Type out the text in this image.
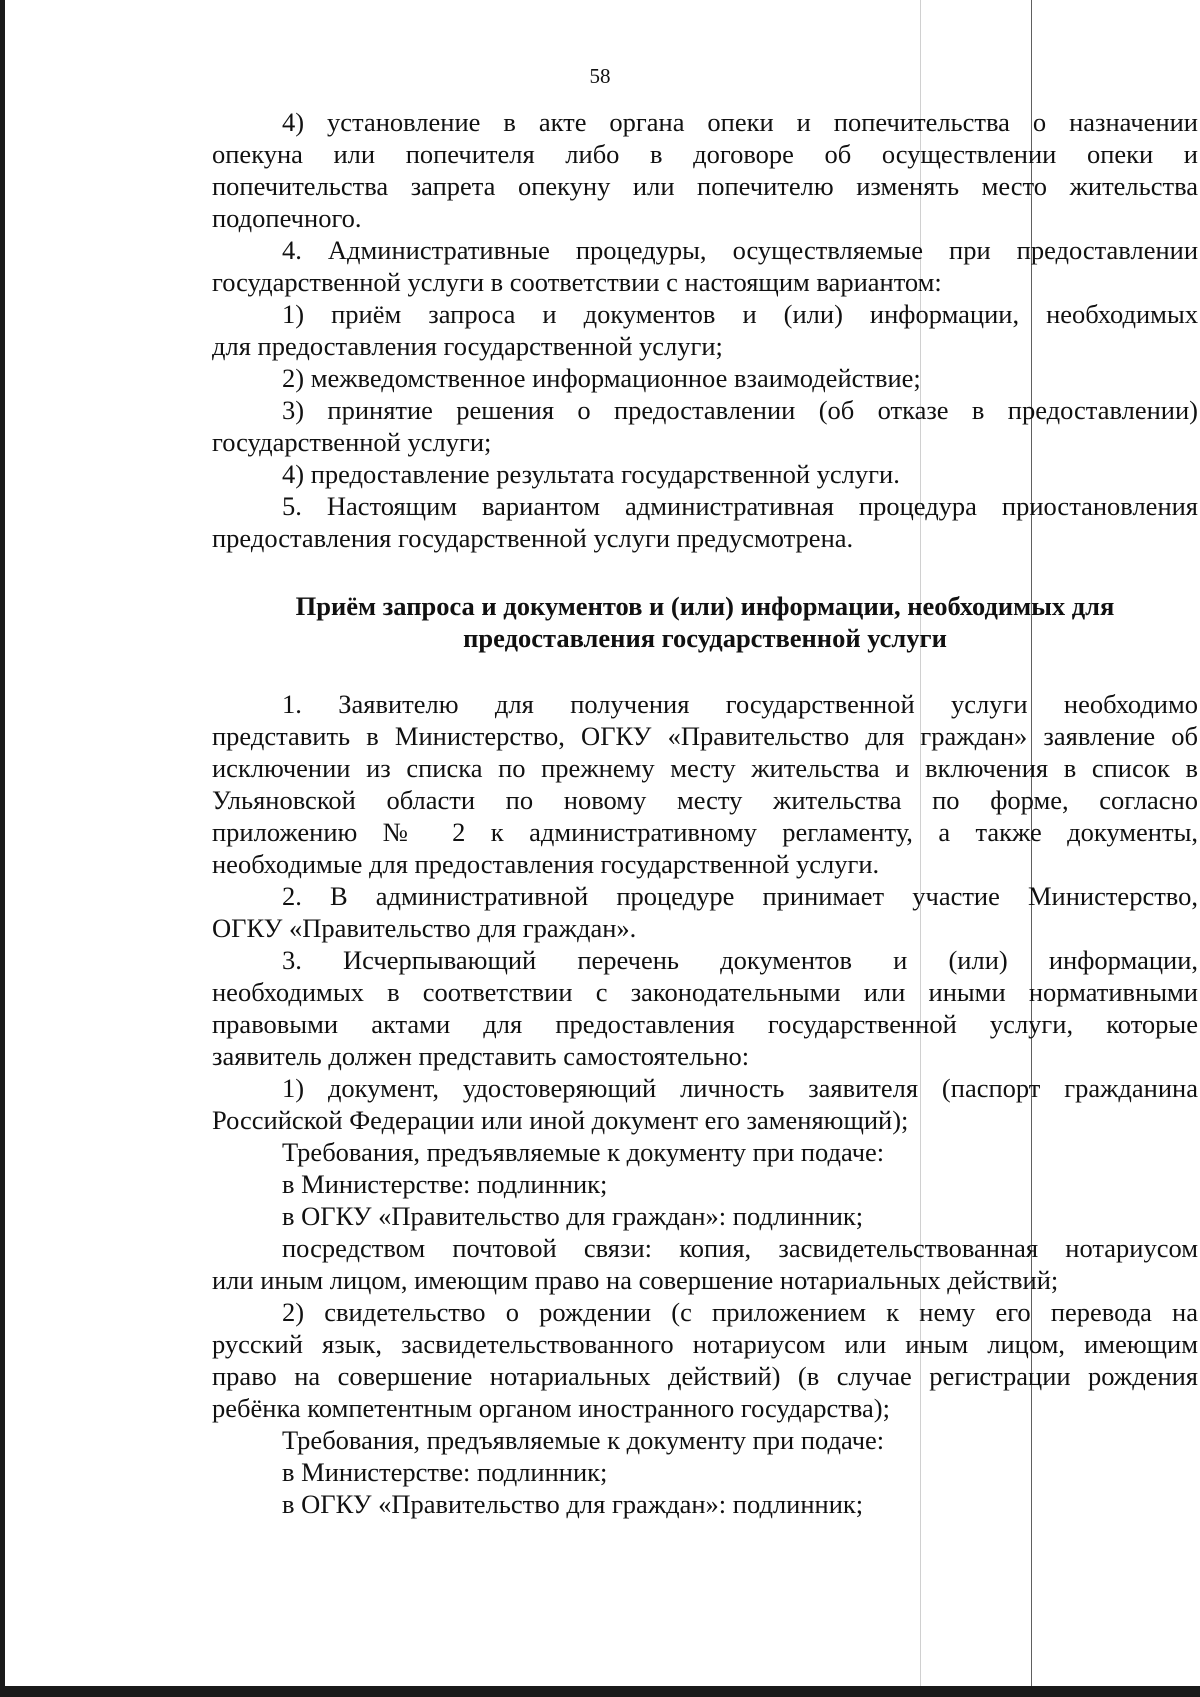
58
4) установление в акте органа опеки и попечительства о назначении
опекуна или попечителя либо в договоре об осуществлении опеки и
попечительства запрета опекуну или попечителю изменять место жительства
подопечного.
4. Административные процедуры, осуществляемые при предоставлении
государственной услуги в соответствии с настоящим вариантом:
1) приём запроса и документов и (или) информации, необходимых
для предоставления государственной услуги;
2) межведомственное информационное взаимодействие;
3) принятие решения о предоставлении (об отказе в предоставлении)
государственной услуги;
4) предоставление результата государственной услуги.
5. Настоящим вариантом административная процедура приостановления
предоставления государственной услуги предусмотрена.
Приём запроса и документов и (или) информации, необходимых для
предоставления государственной услуги
1. Заявителю для получения государственной услуги необходимо
представить в Министерство, ОГКУ «Правительство для граждан» заявление об
исключении из списка по прежнему месту жительства и включения в список в
Ульяновской области по новому месту жительства по форме, согласно
приложению № 2 к административному регламенту, а также документы,
необходимые для предоставления государственной услуги.
2. В административной процедуре принимает участие Министерство,
ОГКУ «Правительство для граждан».
3. Исчерпывающий перечень документов и (или) информации,
необходимых в соответствии с законодательными или иными нормативными
правовыми актами для предоставления государственной услуги, которые
заявитель должен представить самостоятельно:
1) документ, удостоверяющий личность заявителя (паспорт гражданина
Российской Федерации или иной документ его заменяющий);
Требования, предъявляемые к документу при подаче:
в Министерстве: подлинник;
в ОГКУ «Правительство для граждан»: подлинник;
посредством почтовой связи: копия, засвидетельствованная нотариусом
или иным лицом, имеющим право на совершение нотариальных действий;
2) свидетельство о рождении (с приложением к нему его перевода на
русский язык, засвидетельствованного нотариусом или иным лицом, имеющим
право на совершение нотариальных действий) (в случае регистрации рождения
ребёнка компетентным органом иностранного государства);
Требования, предъявляемые к документу при подаче:
в Министерстве: подлинник;
в ОГКУ «Правительство для граждан»: подлинник;
